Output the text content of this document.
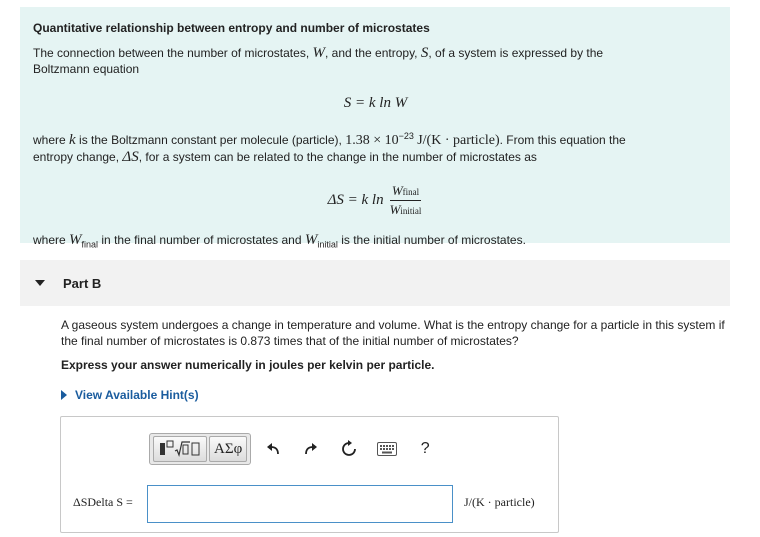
Quantitative relationship between entropy and number of microstates
The connection between the number of microstates, W, and the entropy, S, of a system is expressed by the
Boltzmann equation
S = k ln W
where k is the Boltzmann constant per molecule (particle), $1.38 \times 10^{-23}$ J/(K · particle). From this equation the
entropy change, ΔS, for a system can be related to the change in the number of microstates as
ΔS = k $\ln \frac{\text{Wfinal}}{\text{Winitial}}$
where $W_{final}$ in the final number of microstates and $W_{initial}$ is the initial number of microstates.
Part B
A gaseous system undergoes a change in temperature and volume. What is the entropy change for a particle in this system if the final number of microstates is 0.873 times that of the initial number of microstates?
Express your answer numerically in joules per kelvin per particle.
View Available Hint(s)
ΑΣφ	?
ΔSDelta S =	J/(K · particle)
